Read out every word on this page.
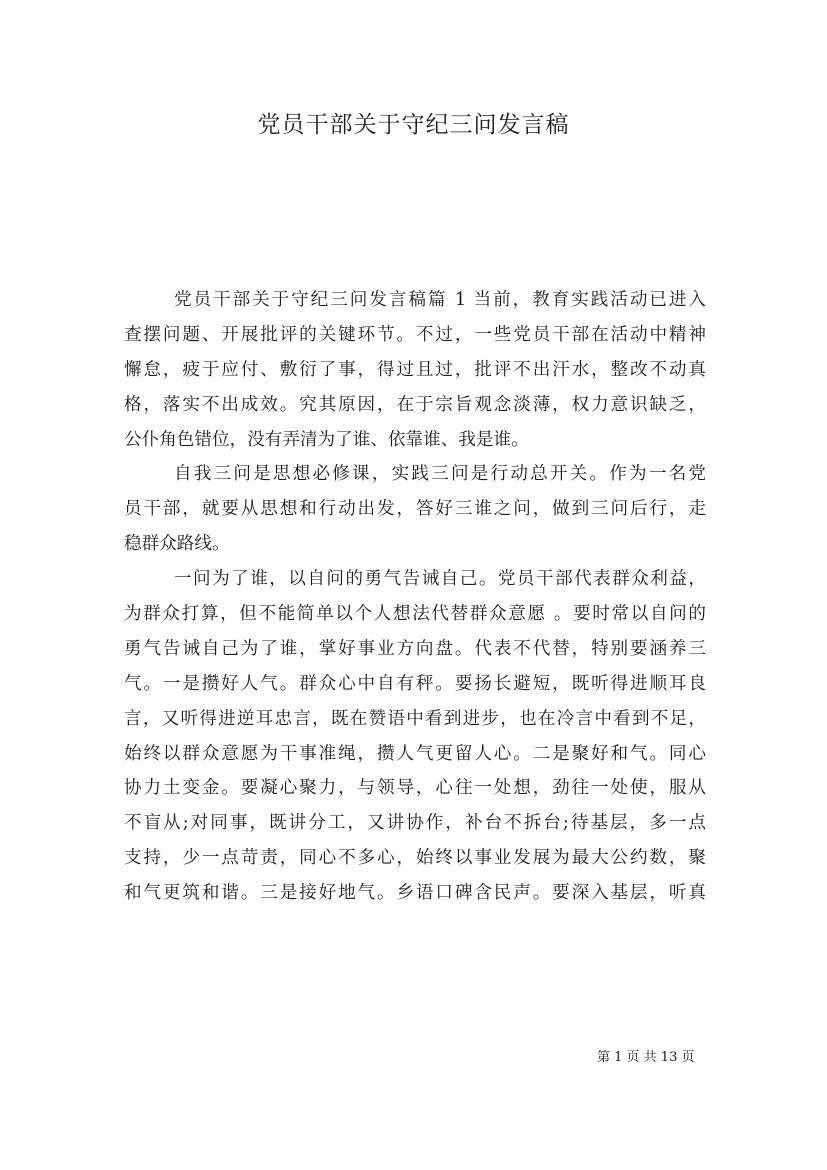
党员干部关于守纪三问发言稿
党员干部关于守纪三问发言稿篇 1 当前，教育实践活动已进入
查摆问题、开展批评的关键环节。不过，一些党员干部在活动中精神
懈怠，疲于应付、敷衍了事，得过且过，批评不出汗水，整改不动真
格，落实不出成效。究其原因，在于宗旨观念淡薄，权力意识缺乏，
公仆角色错位，没有弄清为了谁、依靠谁、我是谁。
自我三问是思想必修课，实践三问是行动总开关。作为一名党
员干部，就要从思想和行动出发，答好三谁之问，做到三问后行，走
稳群众路线。
一问为了谁，以自问的勇气告诫自己。党员干部代表群众利益，
为群众打算，但不能简单以个人想法代替群众意愿 。要时常以自问的
勇气告诫自己为了谁，掌好事业方向盘。代表不代替，特别要涵养三
气。一是攒好人气。群众心中自有秤。要扬长避短，既听得进顺耳良
言，又听得进逆耳忠言，既在赞语中看到进步，也在冷言中看到不足，
始终以群众意愿为干事准绳，攒人气更留人心。二是聚好和气。同心
协力土变金。要凝心聚力，与领导，心往一处想，劲往一处使，服从
不盲从;对同事，既讲分工，又讲协作，补台不拆台;待基层，多一点
支持，少一点苛责，同心不多心，始终以事业发展为最大公约数，聚
和气更筑和谐。三是接好地气。乡语口碑含民声。要深入基层，听真
第 1 页 共 13 页
